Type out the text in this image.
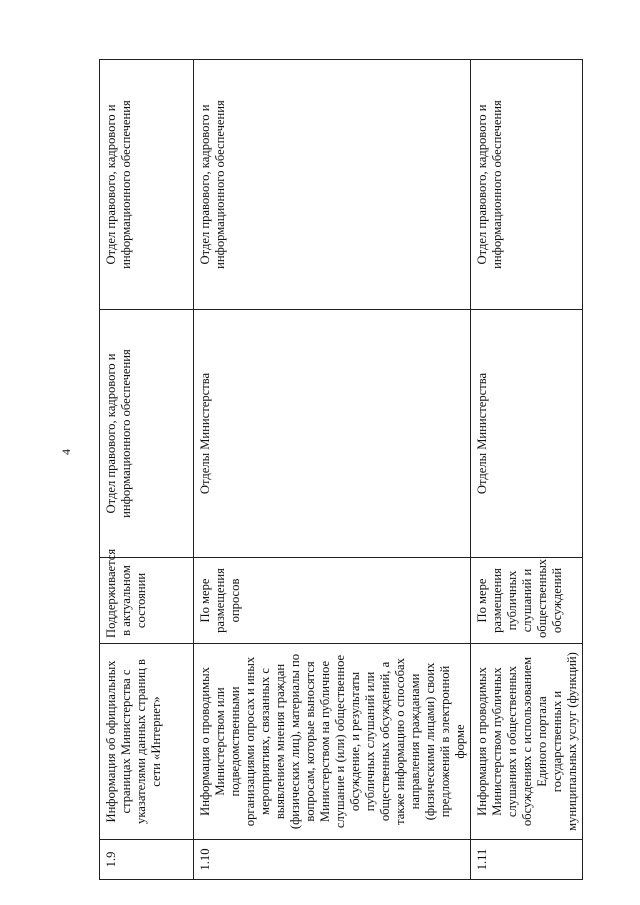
4
1.9	Информация об официальных страницах Министерства с указателями данных страниц в сети «Интернет»	Поддерживается в актуальном состоянии	Отдел правового, кадрового и информационного обеспечения	Отдел правового, кадрового и информационного обеспечения
1.10	Информация о проводимых Министерством или подведомственными организациями опросах и иных мероприятиях, связанных с выявлением мнения граждан (физических лиц), материалы по вопросам, которые выносятся Министерством на публичное слушание и (или) общественное обсуждение, и результаты публичных слушаний или общественных обсуждений, а также информацию о способах направления гражданами (физическими лицами) своих предложений в электронной форме	По мере размещения опросов	Отделы Министерства	Отдел правового, кадрового и информационного обеспечения
1.11	Информация о проводимых Министерством публичных слушаниях и общественных обсуждениях с использованием Единого портала государственных и муниципальных услуг (функций)	По мере размещения публичных слушаний и общественных обсуждений	Отделы Министерства	Отдел правового, кадрового и информационного обеспечения
